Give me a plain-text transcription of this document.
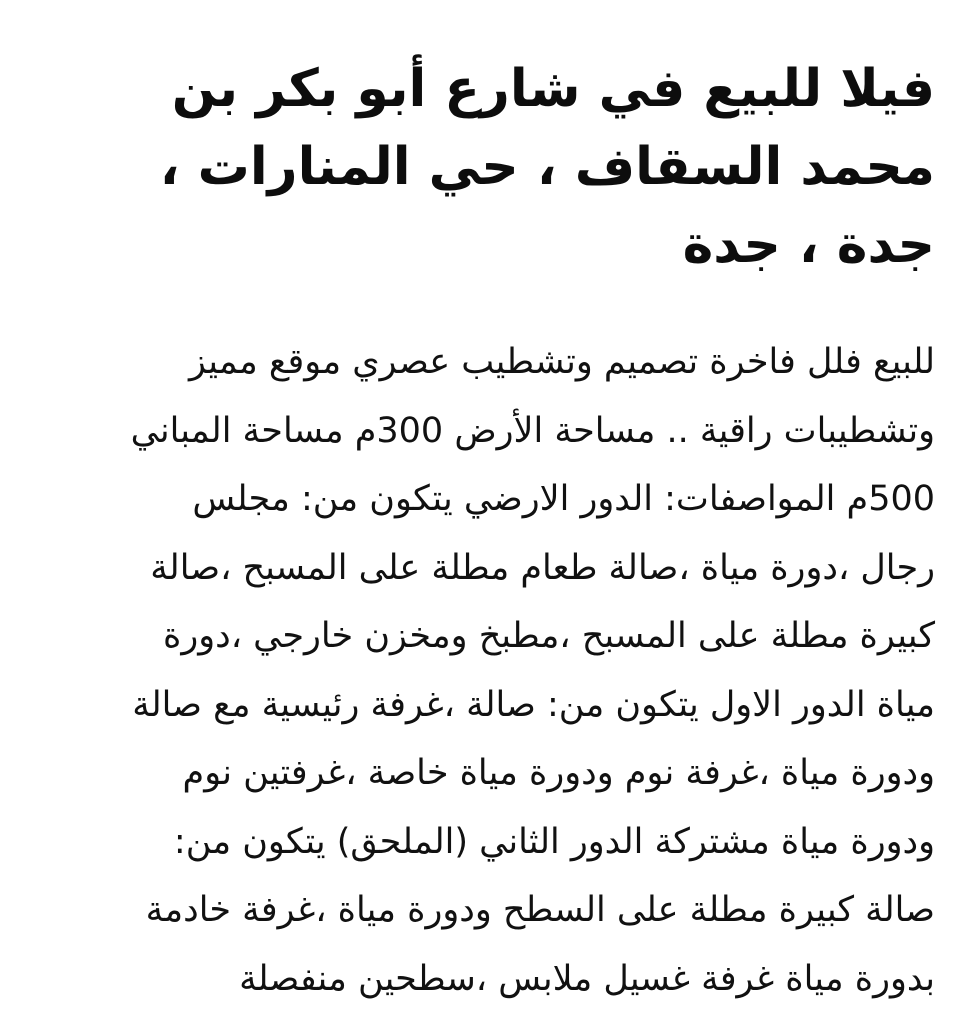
فيلا للبيع في شارع أبو بكر بن
محمد السقاف ، حي المنارات ،
جدة ، جدة

للبيع فلل فاخرة تصميم وتشطيب عصري موقع مميز
وتشطيبات راقية .. مساحة الأرض 300م مساحة المباني
500م المواصفات: الدور الارضي يتكون من: مجلس
رجال ،دورة مياة ،صالة طعام مطلة على المسبح ،صالة
كبيرة مطلة على المسبح ،مطبخ ومخزن خارجي ،دورة
مياة الدور الاول يتكون من: صالة ،غرفة رئيسية مع صالة
ودورة مياة ،غرفة نوم ودورة مياة خاصة ،غرفتين نوم
ودورة مياة مشتركة الدور الثاني (الملحق) يتكون من:
صالة كبيرة مطلة على السطح ودورة مياة ،غرفة خادمة
بدورة مياة غرفة غسيل ملابس ،سطحين منفصلة
